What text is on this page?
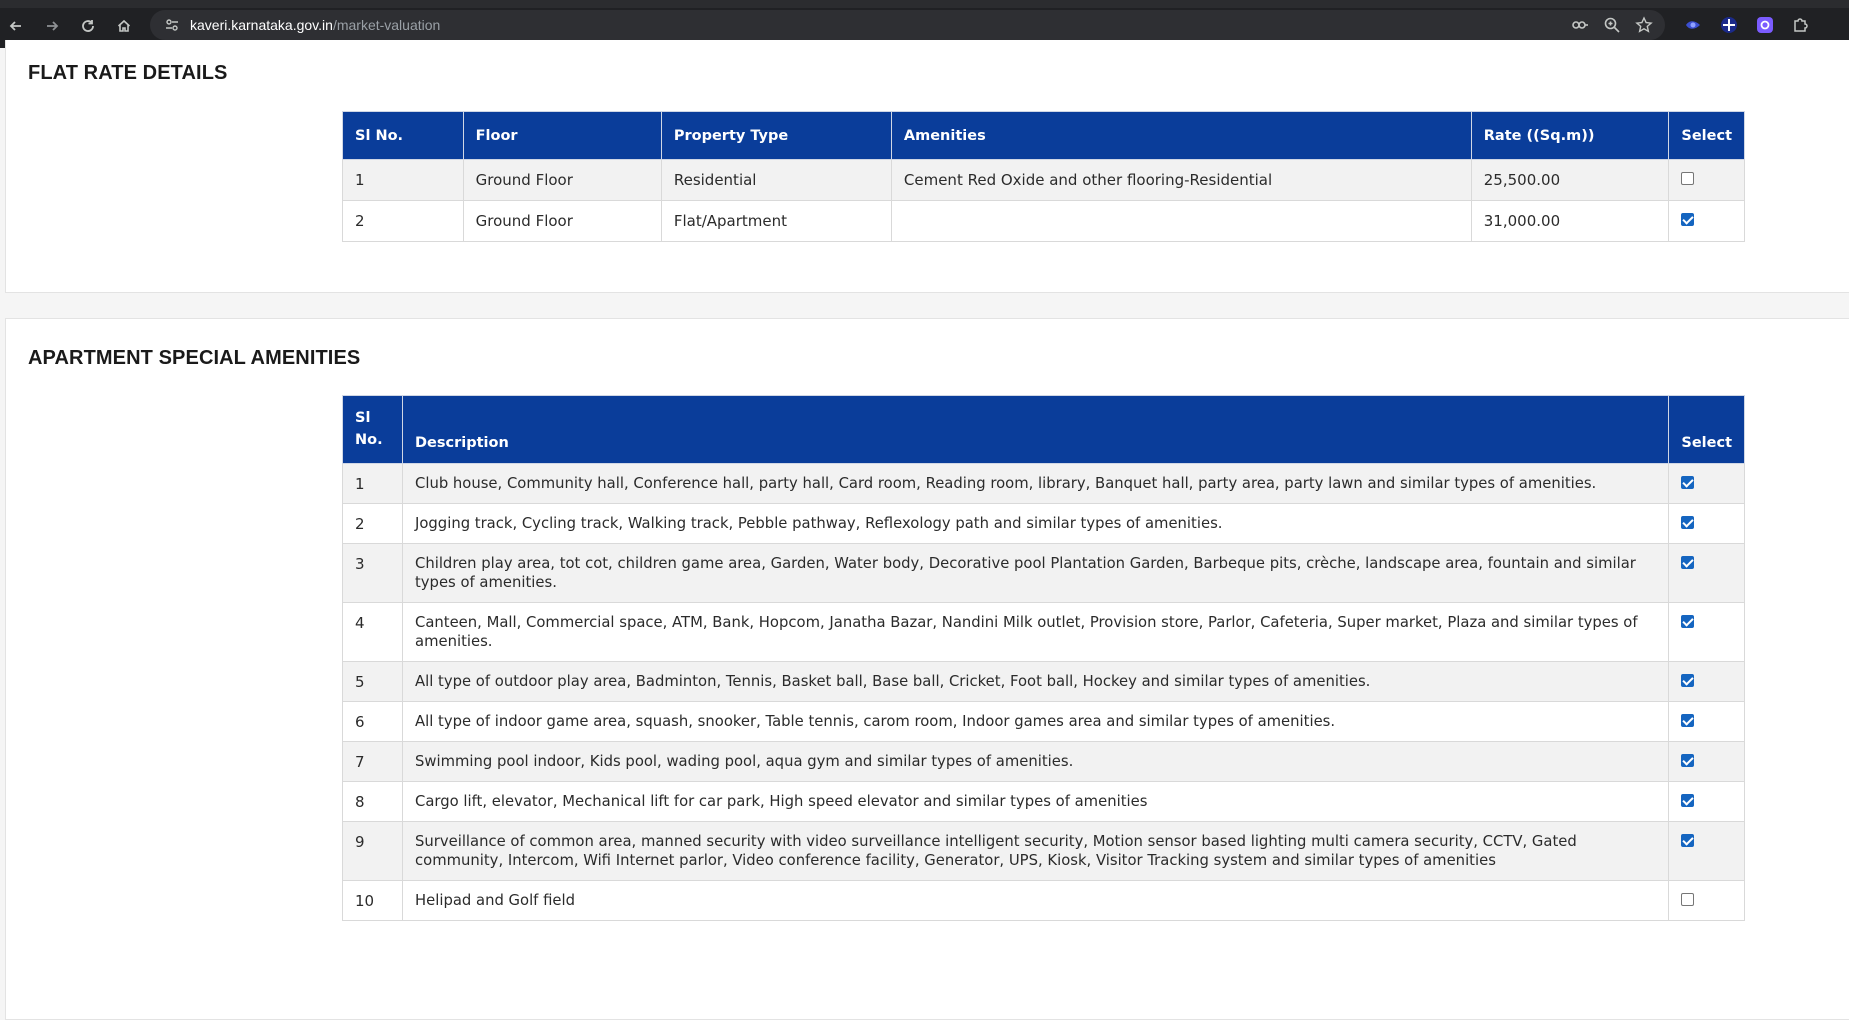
kaveri.karnataka.gov.in/market-valuation
FLAT RATE DETAILS
Sl No.	Floor	Property Type	Amenities	Rate ((Sq.m))	Select
1	Ground Floor	Residential	Cement Red Oxide and other flooring-Residential	25,500.00	
2	Ground Floor	Flat/Apartment		31,000.00	
APARTMENT SPECIAL AMENITIES
Sl No.	Description	Select
1	Club house, Community hall, Conference hall, party hall, Card room, Reading room, library, Banquet hall, party area, party lawn and similar types of amenities.	
2	Jogging track, Cycling track, Walking track, Pebble pathway, Reflexology path and similar types of amenities.	
3	Children play area, tot cot, children game area, Garden, Water body, Decorative pool Plantation Garden, Barbeque pits, crèche, landscape area, fountain and similar types of amenities.	
4	Canteen, Mall, Commercial space, ATM, Bank, Hopcom, Janatha Bazar, Nandini Milk outlet, Provision store, Parlor, Cafeteria, Super market, Plaza and similar types of amenities.	
5	All type of outdoor play area, Badminton, Tennis, Basket ball, Base ball, Cricket, Foot ball, Hockey and similar types of amenities.	
6	All type of indoor game area, squash, snooker, Table tennis, carom room, Indoor games area and similar types of amenities.	
7	Swimming pool indoor, Kids pool, wading pool, aqua gym and similar types of amenities.	
8	Cargo lift, elevator, Mechanical lift for car park, High speed elevator and similar types of amenities	
9	Surveillance of common area, manned security with video surveillance intelligent security, Motion sensor based lighting multi camera security, CCTV, Gated community, Intercom, Wifi Internet parlor, Video conference facility, Generator, UPS, Kiosk, Visitor Tracking system and similar types of amenities	
10	Helipad and Golf field	
